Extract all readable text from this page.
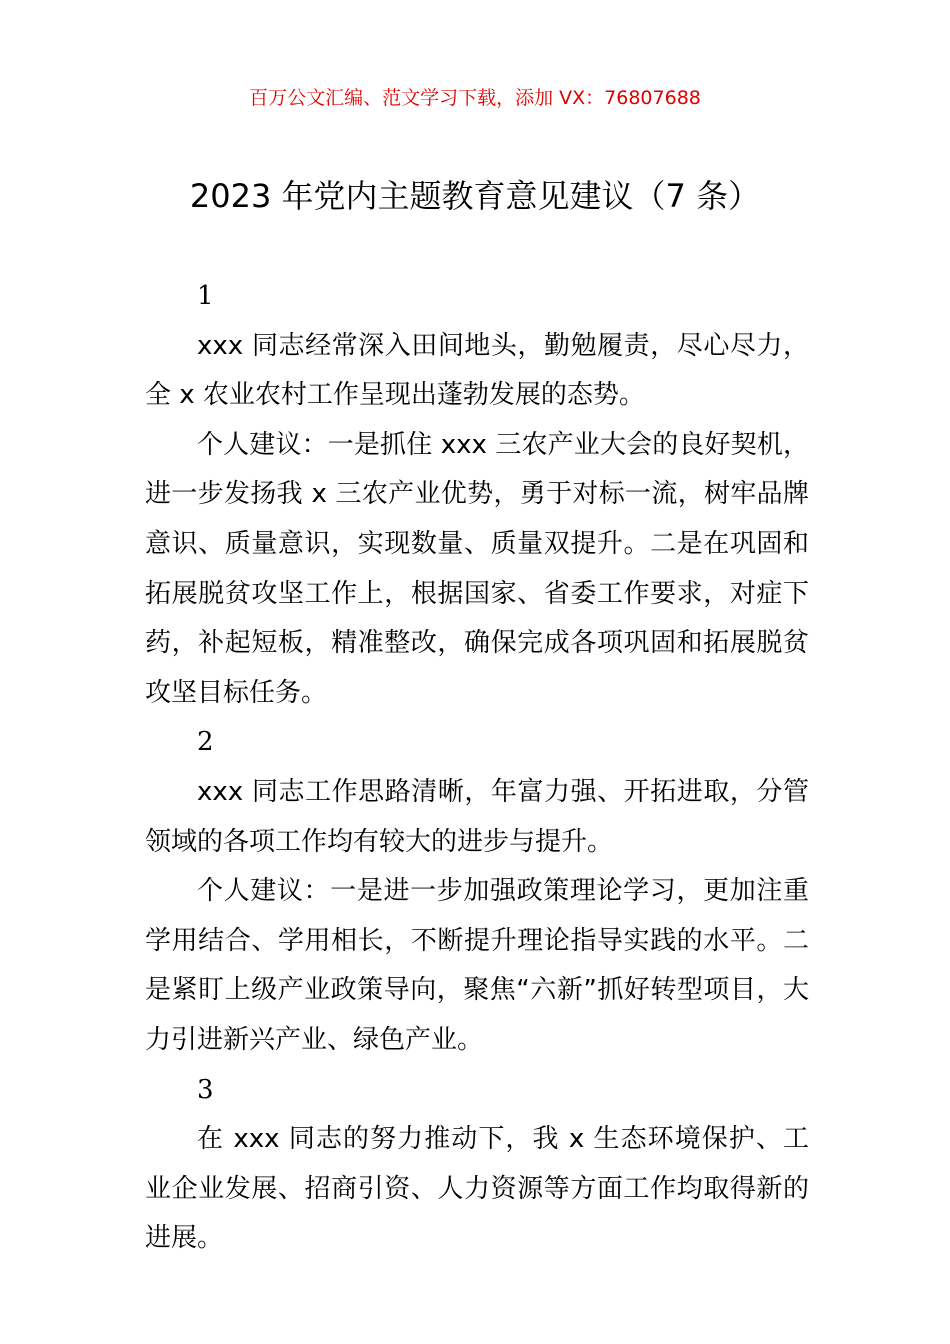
百万公文汇编、范文学习下载，添加 VX：76807688
2023 年党内主题教育意见建议（7 条）

1

xxx 同志经常深入田间地头，勤勉履责，尽心尽力，全 x 农业农村工作呈现出蓬勃发展的态势。

个人建议：一是抓住 xxx 三农产业大会的良好契机，进一步发扬我 x 三农产业优势，勇于对标一流，树牢品牌意识、质量意识，实现数量、质量双提升。二是在巩固和拓展脱贫攻坚工作上，根据国家、省委工作要求，对症下药，补起短板，精准整改，确保完成各项巩固和拓展脱贫攻坚目标任务。

2

xxx 同志工作思路清晰，年富力强、开拓进取，分管领域的各项工作均有较大的进步与提升。

个人建议：一是进一步加强政策理论学习，更加注重学用结合、学用相长，不断提升理论指导实践的水平。二是紧盯上级产业政策导向，聚焦“六新”抓好转型项目，大力引进新兴产业、绿色产业。

3

在 xxx 同志的努力推动下，我 x 生态环境保护、工业企业发展、招商引资、人力资源等方面工作均取得新的进展。
